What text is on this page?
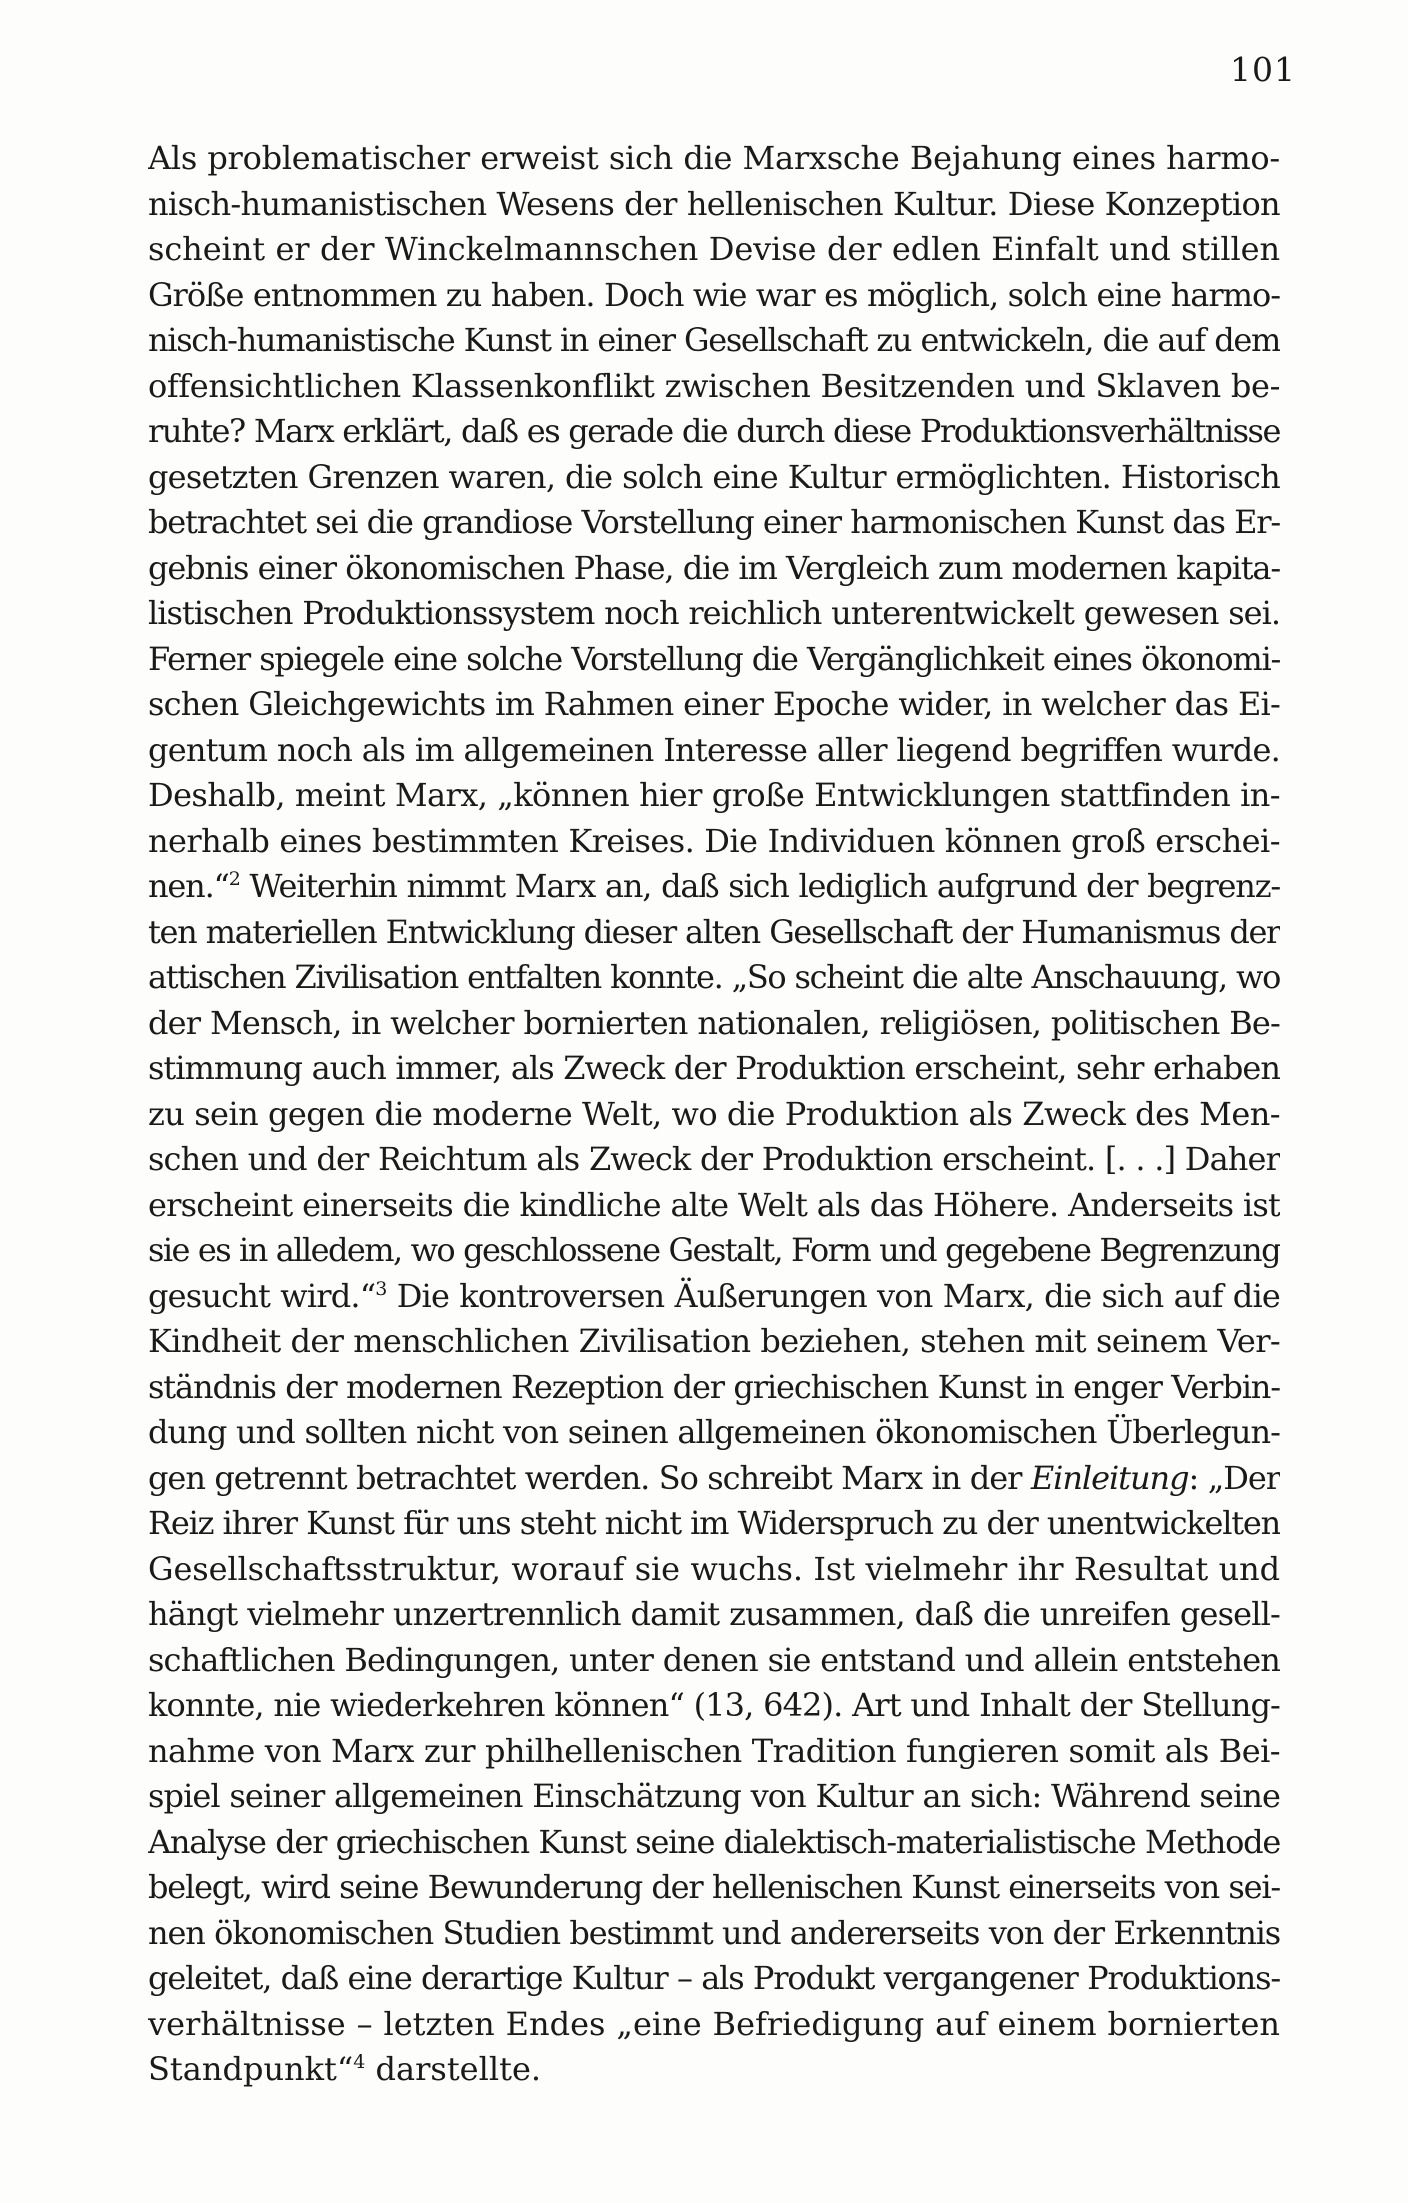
101
Als problematischer erweist sich die Marxsche Bejahung eines harmo-
nisch-humanistischen Wesens der hellenischen Kultur. Diese Konzeption
scheint er der Winckelmannschen Devise der edlen Einfalt und stillen
Größe entnommen zu haben. Doch wie war es möglich, solch eine harmo-
nisch-humanistische Kunst in einer Gesellschaft zu entwickeln, die auf dem
offensichtlichen Klassenkonflikt zwischen Besitzenden und Sklaven be-
ruhte? Marx erklärt, daß es gerade die durch diese Produktionsverhältnisse
gesetzten Grenzen waren, die solch eine Kultur ermöglichten. Historisch
betrachtet sei die grandiose Vorstellung einer harmonischen Kunst das Er-
gebnis einer ökonomischen Phase, die im Vergleich zum modernen kapita-
listischen Produktionssystem noch reichlich unterentwickelt gewesen sei.
Ferner spiegele eine solche Vorstellung die Vergänglichkeit eines ökonomi-
schen Gleichgewichts im Rahmen einer Epoche wider, in welcher das Ei-
gentum noch als im allgemeinen Interesse aller liegend begriffen wurde.
Deshalb, meint Marx, „können hier große Entwicklungen stattfinden in-
nerhalb eines bestimmten Kreises. Die Individuen können groß erschei-
nen.“$^2$ Weiterhin nimmt Marx an, daß sich lediglich aufgrund der begrenz-
ten materiellen Entwicklung dieser alten Gesellschaft der Humanismus der
attischen Zivilisation entfalten konnte. „So scheint die alte Anschauung, wo
der Mensch, in welcher bornierten nationalen, religiösen, politischen Be-
stimmung auch immer, als Zweck der Produktion erscheint, sehr erhaben
zu sein gegen die moderne Welt, wo die Produktion als Zweck des Men-
schen und der Reichtum als Zweck der Produktion erscheint. [. . .] Daher
erscheint einerseits die kindliche alte Welt als das Höhere. Anderseits ist
sie es in alledem, wo geschlossene Gestalt, Form und gegebene Begrenzung
gesucht wird.“$^3$ Die kontroversen Äußerungen von Marx, die sich auf die
Kindheit der menschlichen Zivilisation beziehen, stehen mit seinem Ver-
ständnis der modernen Rezeption der griechischen Kunst in enger Verbin-
dung und sollten nicht von seinen allgemeinen ökonomischen Überlegun-
gen getrennt betrachtet werden. So schreibt Marx in der Einleitung: „Der
Reiz ihrer Kunst für uns steht nicht im Widerspruch zu der unentwickelten
Gesellschaftsstruktur, worauf sie wuchs. Ist vielmehr ihr Resultat und
hängt vielmehr unzertrennlich damit zusammen, daß die unreifen gesell-
schaftlichen Bedingungen, unter denen sie entstand und allein entstehen
konnte, nie wiederkehren können“ (13, 642). Art und Inhalt der Stellung-
nahme von Marx zur philhellenischen Tradition fungieren somit als Bei-
spiel seiner allgemeinen Einschätzung von Kultur an sich: Während seine
Analyse der griechischen Kunst seine dialektisch-materialistische Methode
belegt, wird seine Bewunderung der hellenischen Kunst einerseits von sei-
nen ökonomischen Studien bestimmt und andererseits von der Erkenntnis
geleitet, daß eine derartige Kultur – als Produkt vergangener Produktions-
verhältnisse – letzten Endes „eine Befriedigung auf einem bornierten
Standpunkt“$^4$ darstellte.
